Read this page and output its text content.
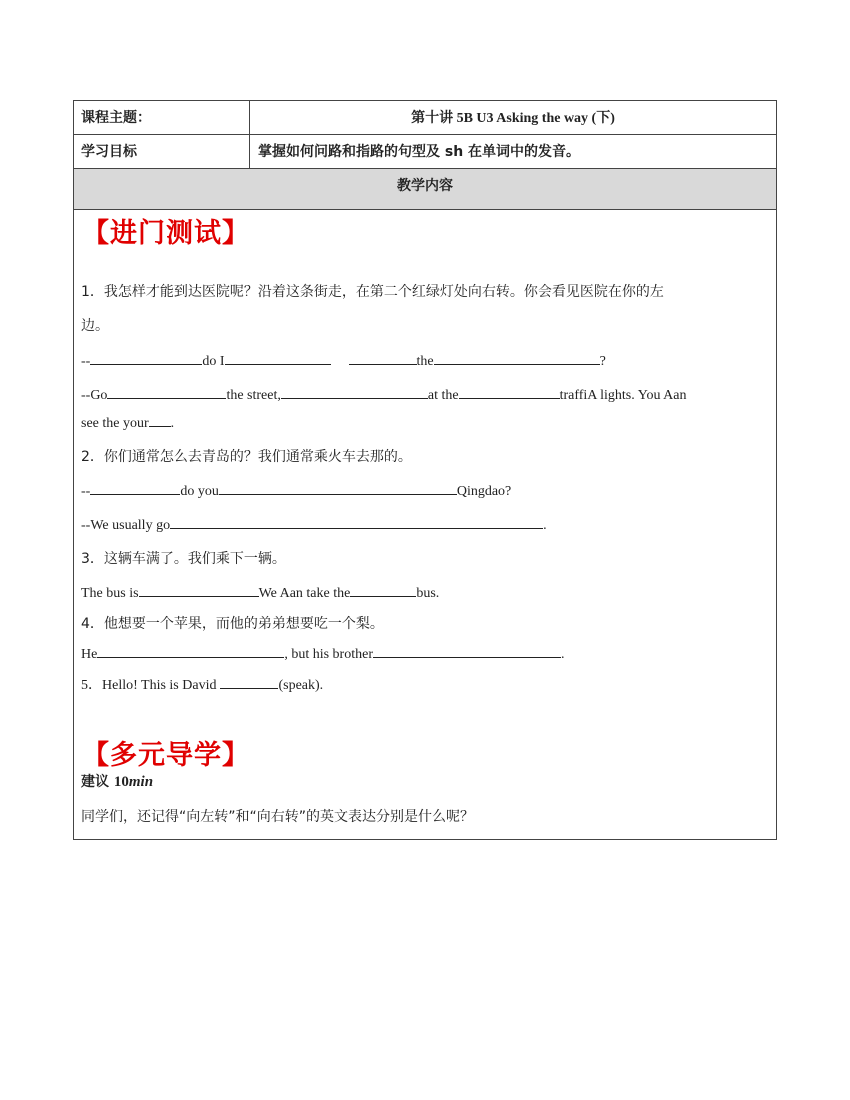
课程主题：	第十讲 5B U3 Asking the way (下)
学习目标	掌握如何问路和指路的句型及 sh 在单词中的发音。
教学内容
【进门测试】
1．我怎样才能到达医院呢？沿着这条街走，在第二个红绿灯处向右转。你会看见医院在你的左
边。
--	do I	the	?
--Go	the street,	at the	traffiA lights. You Aan
see the your .
2．你们通常怎么去青岛的？我们通常乘火车去那的。
--	do you	Qingdao?
--We usually go	.
3．这辆车满了。我们乘下一辆。
The bus is	We Aan take the	bus.
4．他想要一个苹果，而他的弟弟想要吃一个梨。
He	, but his brother	.
5．Hello! This is David	(speak).
【多元导学】
建议 10min
同学们，还记得“向左转”和“向右转”的英文表达分别是什么呢？
